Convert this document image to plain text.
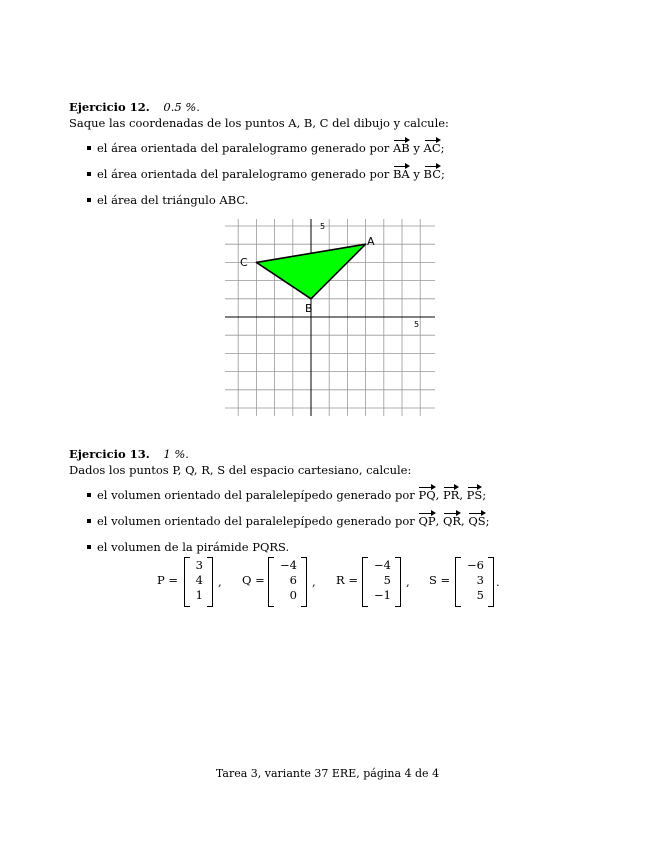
Ejercicio 12. 0.5 %.
Saque las coordenadas de los puntos A, B, C del dibujo y calcule:
el área orientada del paralelogramo generado por AB y AC;
el área orientada del paralelogramo generado por BA y BC;
el área del triángulo ABC.
5
5
A
B
C
Ejercicio 13. 1 %.
Dados los puntos P, Q, R, S del espacio cartesiano, calcule:
el volumen orientado del paralelepípedo generado por PQ, PR, PS;
el volumen orientado del paralelepípedo generado por QP, QR, QS;
el volumen de la pirámide PQRS.
P =
3
4
1
, Q =
−4
6
0
, R =
−4
5
−1
, S =
−6
3
5
.
Tarea 3, variante 37 ERE, página 4 de 4
